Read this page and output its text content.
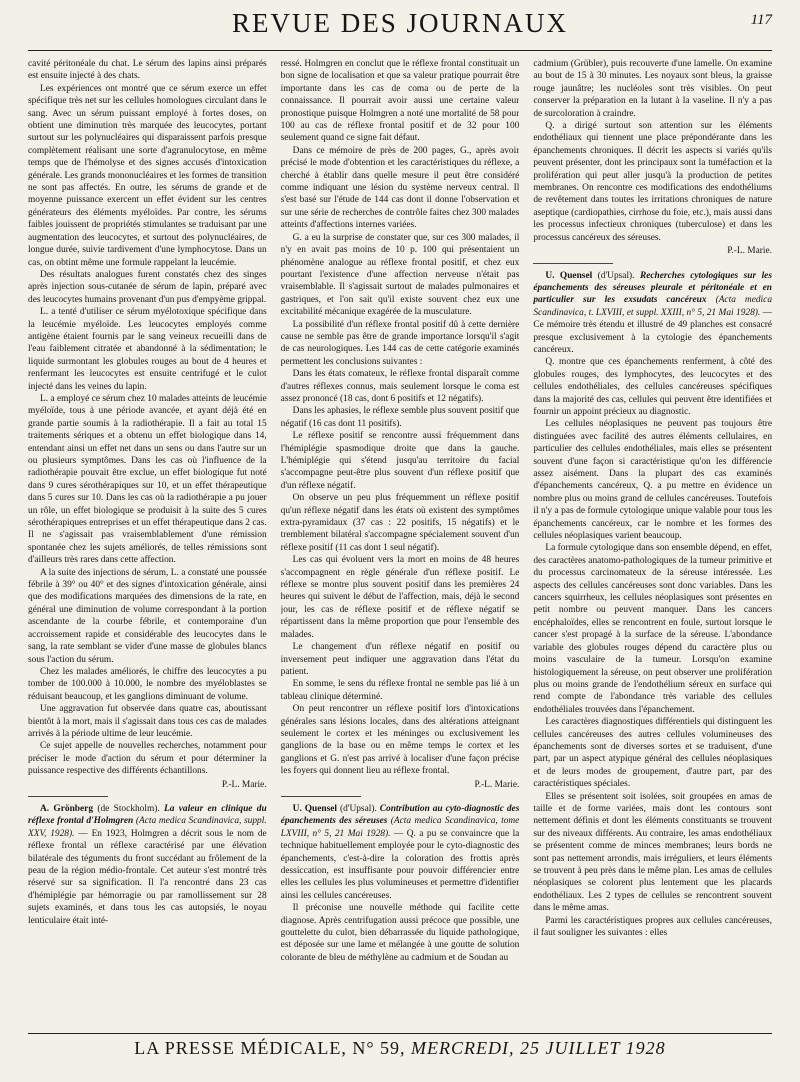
REVUE DES JOURNAUX	117

cavité péritonéale du chat. Le sérum des lapins ainsi préparés est ensuite injecté à des chats.

Les expériences ont montré que ce sérum exerce un effet spécifique très net sur les cellules homologues circulant dans le sang. Avec un sérum puissant employé à fortes doses, on obtient une diminution très marquée des leucocytes, portant surtout sur les polynucléaires qui disparaissent parfois presque complètement réalisant une sorte d'agranulocytose, en même temps que de l'hémolyse et des signes accusés d'intoxication générale. Les grands mononucléaires et les formes de transition ne sont pas affectés. En outre, les sérums de grande et de moyenne puissance exercent un effet évident sur les centres générateurs des éléments myéloïdes. Par contre, les sérums faibles jouissent de propriétés stimulantes se traduisant par une augmentation des leucocytes, et surtout des polynucléaires, de longue durée, suivie tardivement d'une lymphocytose. Dans un cas, on obtint même une formule rappelant la leucémie.

Des résultats analogues furent constatés chez des singes après injection sous-cutanée de sérum de lapin, préparé avec des leucocytes humains provenant d'un pus d'empyème grippal.

L. a tenté d'utiliser ce sérum myélotoxique spécifique dans la leucémie myéloïde. Les leucocytes employés comme antigène étaient fournis par le sang veineux recueilli dans de l'eau faiblement citratée et abandonné à la sédimentation; le liquide surmontant les globules rouges au bout de 4 heures et renfermant les leucocytes est ensuite centrifugé et le culot injecté dans les veines du lapin.

L. a employé ce sérum chez 10 malades atteints de leucémie myéloïde, tous à une période avancée, et ayant déjà été en grande partie soumis à la radiothérapie. Il a fait au total 15 traitements sériques et a obtenu un effet biologique dans 14, entendant ainsi un effet net dans un sens ou dans l'autre sur un ou plusieurs symptômes. Dans les cas où l'influence de la radiothérapie pouvait être exclue, un effet biologique fut noté dans 9 cures sérothérapiques sur 10, et un effet thérapeutique dans 5 cures sur 10. Dans les cas où la radiothérapie a pu jouer un rôle, un effet biologique se produisit à la suite des 5 cures sérothérapiques entreprises et un effet thérapeutique dans 2 cas. Il ne s'agissait pas vraisemblablement d'une rémission spontanée chez les sujets améliorés, de telles rémissions sont d'ailleurs très rares dans cette affection.

A la suite des injections de sérum, L. a constaté une poussée fébrile à 39° ou 40° et des signes d'intoxication générale, ainsi que des modifications marquées des dimensions de la rate, en général une diminution de volume correspondant à la portion ascendante de la courbe fébrile, et contemporaine d'un accroissement rapide et considérable des leucocytes dans le sang, la rate semblant se vider d'une masse de globules blancs sous l'action du sérum.

Chez les malades améliorés, le chiffre des leucocytes a pu tomber de 100.000 à 10.000, le nombre des myéloblastes se réduisant beaucoup, et les ganglions diminuant de volume.

Une aggravation fut observée dans quatre cas, aboutissant bientôt à la mort, mais il s'agissait dans tous ces cas de malades arrivés à la période ultime de leur leucémie.

Ce sujet appelle de nouvelles recherches, notamment pour préciser le mode d'action du sérum et pour déterminer la puissance respective des différents échantillons.

P.-L. Marie.

A. Grönberg (de Stockholm). La valeur en clinique du réflexe frontal d'Holmgren (Acta medica Scandinavica, suppl. XXV, 1928). — En 1923, Holmgren a décrit sous le nom de réflexe frontal un réflexe caractérisé par une élévation bilatérale des téguments du front succédant au frôlement de la peau de la région médio-frontale. Cet auteur s'est montré très réservé sur sa signification. Il l'a rencontré dans 23 cas d'hémiplégie par hémorragie ou par ramollissement sur 28 sujets examinés, et dans tous les cas autopsiés, le noyau lenticulaire était inté-

ressé. Holmgren en conclut que le réflexe frontal constituait un bon signe de localisation et que sa valeur pratique pourrait être importante dans les cas de coma ou de perte de la connaissance. Il pourrait avoir aussi une certaine valeur pronostique puisque Holmgren a noté une mortalité de 58 pour 100 au cas de réflexe frontal positif et de 32 pour 100 seulement quand ce signe fait défaut.

Dans ce mémoire de près de 200 pages, G., après avoir précisé le mode d'obtention et les caractéristiques du réflexe, a cherché à établir dans quelle mesure il peut être considéré comme indiquant une lésion du système nerveux central. Il s'est basé sur l'étude de 144 cas dont il donne l'observation et sur une série de recherches de contrôle faites chez 300 malades atteints d'affections internes variées.

G. a eu la surprise de constater que, sur ces 300 malades, il n'y en avait pas moins de 10 p. 100 qui présentaient un phénomène analogue au réflexe frontal positif, et chez eux pourtant l'existence d'une affection nerveuse n'était pas vraisemblable. Il s'agissait surtout de malades pulmonaires et gastriques, et l'on sait qu'il existe souvent chez eux une excitabilité mécanique exagérée de la musculature.

La possibilité d'un réflexe frontal positif dû à cette dernière cause ne semble pas être de grande importance lorsqu'il s'agit de cas neurologiques. Les 144 cas de cette catégorie examinés permettent les conclusions suivantes :

Dans les états comateux, le réflexe frontal disparaît comme d'autres réflexes connus, mais seulement lorsque le coma est assez prononcé (18 cas, dont 6 positifs et 12 négatifs).

Dans les aphasies, le réflexe semble plus souvent positif que négatif (16 cas dont 11 positifs).

Le réflexe positif se rencontre aussi fréquemment dans l'hémiplégie spasmodique droite que dans la gauche. L'hémiplégie qui s'étend jusqu'au territoire du facial s'accompagne peut-être plus souvent d'un réflexe positif que d'un réflexe négatif.

On observe un peu plus fréquemment un réflexe positif qu'un réflexe négatif dans les états où existent des symptômes extra-pyramidaux (37 cas : 22 positifs, 15 négatifs) et le tremblement bilatéral s'accompagne spécialement souvent d'un réflexe positif (11 cas dont 1 seul négatif).

Les cas qui évoluent vers la mort en moins de 48 heures s'accompagnent en règle générale d'un réflexe positif. Le réflexe se montre plus souvent positif dans les premières 24 heures qui suivent le début de l'affection, mais, déjà le second jour, les cas de réflexe positif et de réflexe négatif se répartissent dans la même proportion que pour l'ensemble des malades.

Le changement d'un réflexe négatif en positif ou inversement peut indiquer une aggravation dans l'état du patient.

En somme, le sens du réflexe frontal ne semble pas lié à un tableau clinique déterminé.

On peut rencontrer un réflexe positif lors d'intoxications générales sans lésions locales, dans des altérations atteignant seulement le cortex et les méninges ou exclusivement les ganglions de la base ou en même temps le cortex et les ganglions et G. n'est pas arrivé à localiser d'une façon précise les foyers qui donnent lieu au réflexe frontal.

P.-L. Marie.

U. Quensel (d'Upsal). Contribution au cyto-diagnostic des épanchements des séreuses (Acta medica Scandinavica, tome LXVIII, n° 5, 21 Mai 1928). — Q. a pu se convaincre que la technique habituellement employée pour le cyto-diagnostic des épanchements, c'est-à-dire la coloration des frottis après dessiccation, est insuffisante pour pouvoir différencier entre elles les cellules les plus volumineuses et permettre d'identifier ainsi les cellules cancéreuses.

Il préconise une nouvelle méthode qui facilite cette diagnose. Après centrifugation aussi précoce que possible, une gouttelette du culot, bien débarrassée du liquide pathologique, est déposée sur une lame et mélangée à une goutte de solution colorante de bleu de méthylène au cadmium et de Soudan au

cadmium (Grübler), puis recouverte d'une lamelle. On examine au bout de 15 à 30 minutes. Les noyaux sont bleus, la graisse rouge jaunâtre; les nucléoles sont très visibles. On peut conserver la préparation en la lutant à la vaseline. Il n'y a pas de surcoloration à craindre.

Q. a dirigé surtout son attention sur les éléments endothéliaux qui tiennent une place prépondérante dans les épanchements chroniques. Il décrit les aspects si variés qu'ils peuvent présenter, dont les principaux sont la tuméfaction et la prolifération qui peut aller jusqu'à la production de petites membranes. On rencontre ces modifications des endothéliums de revêtement dans toutes les irritations chroniques de nature aseptique (cardiopathies, cirrhose du foie, etc.), mais aussi dans les processus infectieux chroniques (tuberculose) et dans les processus cancéreux des séreuses.

P.-L. Marie.

U. Quensel (d'Upsal). Recherches cytologiques sur les épanchements des séreuses pleurale et péritonéale et en particulier sur les exsudats cancéreux (Acta medica Scandinavica, t. LXVIII, et suppl. XXIII, n° 5, 21 Mai 1928). — Ce mémoire très étendu et illustré de 49 planches est consacré presque exclusivement à la cytologie des épanchements cancéreux.

Q. montre que ces épanchements renferment, à côté des globules rouges, des lymphocytes, des leucocytes et des cellules endothéliales, des cellules cancéreuses spécifiques dans la majorité des cas, cellules qui peuvent être identifiées et fournir un appoint précieux au diagnostic.

Les cellules néoplasiques ne peuvent pas toujours être distinguées avec facilité des autres éléments cellulaires, en particulier des cellules endothéliales, mais elles se présentent souvent d'une façon si caractéristique qu'on les différencie assez aisément. Dans la plupart des cas examinés d'épanchements cancéreux, Q. a pu mettre en évidence un nombre plus ou moins grand de cellules cancéreuses. Toutefois il n'y a pas de formule cytologique unique valable pour tous les épanchements cancéreux, car le nombre et les formes des cellules néoplasiques varient beaucoup.

La formule cytologique dans son ensemble dépend, en effet, des caractères anatomo-pathologiques de la tumeur primitive et du processus carcinomateux de la séreuse intéressée. Les aspects des cellules cancéreuses sont donc variables. Dans les cancers squirrheux, les cellules néoplasiques sont présentes en petit nombre ou peuvent manquer. Dans les cancers encéphaloïdes, elles se rencontrent en foule, surtout lorsque le cancer s'est propagé à la surface de la séreuse. L'abondance variable des globules rouges dépend du caractère plus ou moins vasculaire de la tumeur. Lorsqu'on examine histologiquement la séreuse, on peut observer une prolifération plus ou moins grande de l'endothélium séreux en surface qui rend compte de l'abondance très variable des cellules endothéliales trouvées dans l'épanchement.

Les caractères diagnostiques différentiels qui distinguent les cellules cancéreuses des autres cellules volumineuses des épanchements sont de diverses sortes et se traduisent, d'une part, par un aspect atypique général des cellules néoplasiques et de leurs modes de groupement, d'autre part, par des caractéristiques spéciales.

Elles se présentent soit isolées, soit groupées en amas de taille et de forme variées, mais dont les contours sont nettement définis et dont les éléments constituants se trouvent sur des niveaux différents. Au contraire, les amas endothéliaux se présentent comme de minces membranes; leurs bords ne sont pas nettement arrondis, mais irréguliers, et leurs éléments se trouvent à peu près dans le même plan. Les amas de cellules néoplasiques se colorent plus lentement que les placards endothéliaux. Les 2 types de cellules se rencontrent souvent dans le même amas.

Parmi les caractéristiques propres aux cellules cancéreuses, il faut souligner les suivantes : elles

LA PRESSE MÉDICALE, N° 59, MERCREDI, 25 JUILLET 1928
